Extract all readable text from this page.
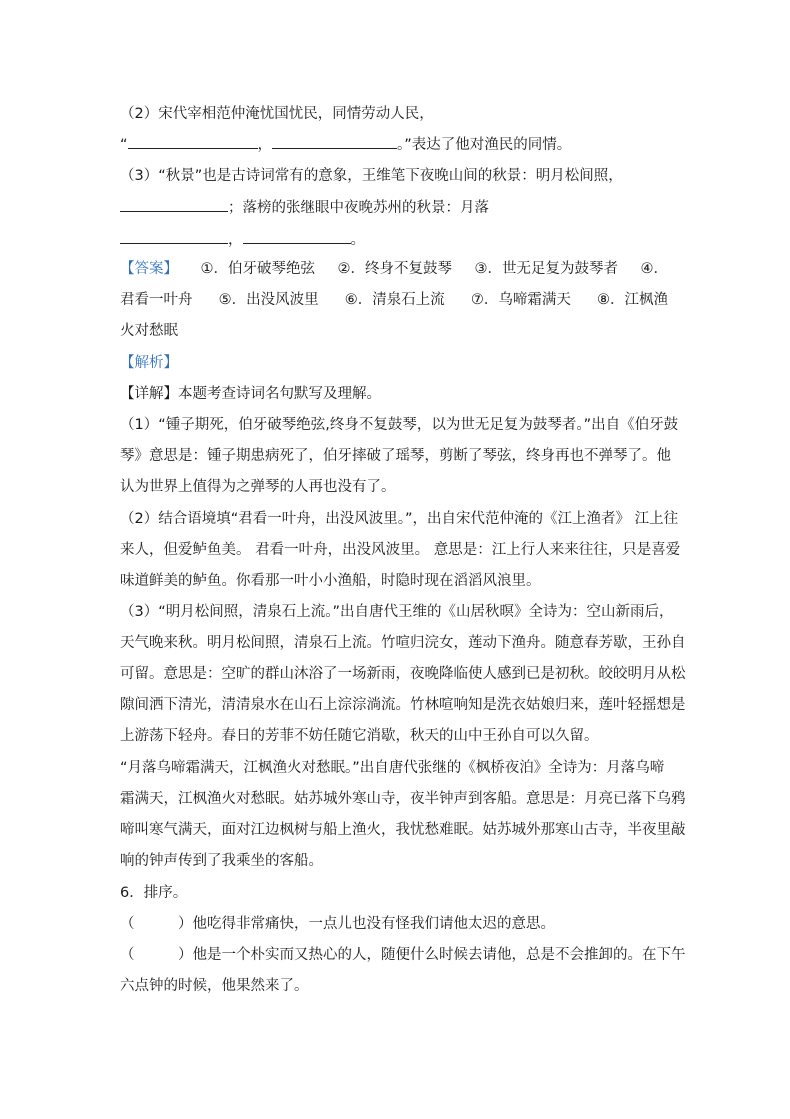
（2）宋代宰相范仲淹忧国忧民，同情劳动人民，
“	，	。”表达了他对渔民的同情。
（3）“秋景”也是古诗词常有的意象，王维笔下夜晚山间的秋景：明月松间照，
；落榜的张继眼中夜晚苏州的秋景：月落
，	。
【答案】 ①．伯牙破琴绝弦 ②．终身不复鼓琴 ③．世无足复为鼓琴者 ④．
君看一叶舟 ⑤．出没风波里 ⑥．清泉石上流 ⑦．乌啼霜满天 ⑧．江枫渔
火对愁眠
【解析】
【详解】本题考查诗词名句默写及理解。
（1）“锺子期死，伯牙破琴绝弦,终身不复鼓琴，以为世无足复为鼓琴者。”出自《伯牙鼓
琴》意思是：锺子期患病死了，伯牙摔破了瑶琴，剪断了琴弦，终身再也不弹琴了。他
认为世界上值得为之弹琴的人再也没有了。
（2）结合语境填“君看一叶舟，出没风波里。”，出自宋代范仲淹的《江上渔者》 江上往
来人，但爱鲈鱼美。 君看一叶舟，出没风波里。 意思是：江上行人来来往往，只是喜爱
味道鲜美的鲈鱼。你看那一叶小小渔船，时隐时现在滔滔风浪里。
（3）“明月松间照，清泉石上流。”出自唐代王维的《山居秋暝》全诗为：空山新雨后，
天气晚来秋。明月松间照，清泉石上流。竹喧归浣女，莲动下渔舟。随意春芳歇，王孙自
可留。意思是：空旷的群山沐浴了一场新雨，夜晚降临使人感到已是初秋。皎皎明月从松
隙间洒下清光，清清泉水在山石上淙淙淌流。竹林喧响知是洗衣姑娘归来，莲叶轻摇想是
上游荡下轻舟。春日的芳菲不妨任随它消歇，秋天的山中王孙自可以久留。
“月落乌啼霜满天，江枫渔火对愁眠。”出自唐代张继的《枫桥夜泊》全诗为：月落乌啼
霜满天，江枫渔火对愁眠。姑苏城外寒山寺，夜半钟声到客船。意思是：月亮已落下乌鸦
啼叫寒气满天，面对江边枫树与船上渔火，我忧愁难眠。姑苏城外那寒山古寺，半夜里敲
响的钟声传到了我乘坐的客船。
6．排序。
（　　　）他吃得非常痛快，一点儿也没有怪我们请他太迟的意思。
（　　　）他是一个朴实而又热心的人，随便什么时候去请他，总是不会推卸的。在下午
六点钟的时候，他果然来了。
